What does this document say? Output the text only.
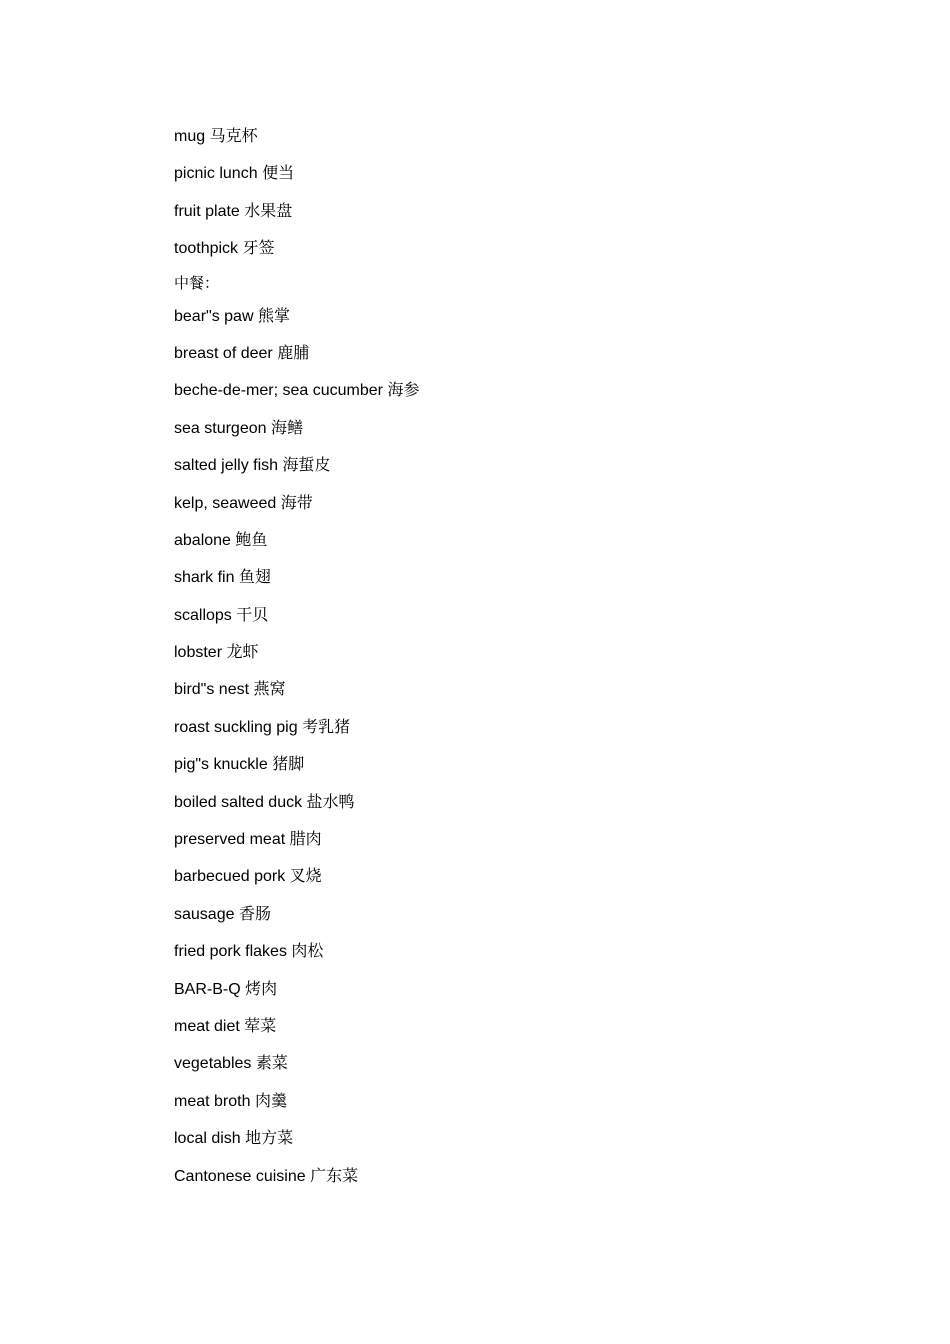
mug 马克杯
picnic lunch 便当
fruit plate 水果盘
toothpick 牙签
中餐：
bear"s paw 熊掌
breast of deer 鹿脯
beche-de-mer; sea cucumber 海参
sea sturgeon 海鳝
salted jelly fish 海蜇皮
kelp, seaweed 海带
abalone 鲍鱼
shark fin 鱼翅
scallops 干贝
lobster 龙虾
bird"s nest 燕窝
roast suckling pig 考乳猪
pig"s knuckle 猪脚
boiled salted duck 盐水鸭
preserved meat 腊肉
barbecued pork 叉烧
sausage 香肠
fried pork flakes 肉松
BAR-B-Q 烤肉
meat diet 荤菜
vegetables 素菜
meat broth 肉羹
local dish 地方菜
Cantonese cuisine 广东菜
